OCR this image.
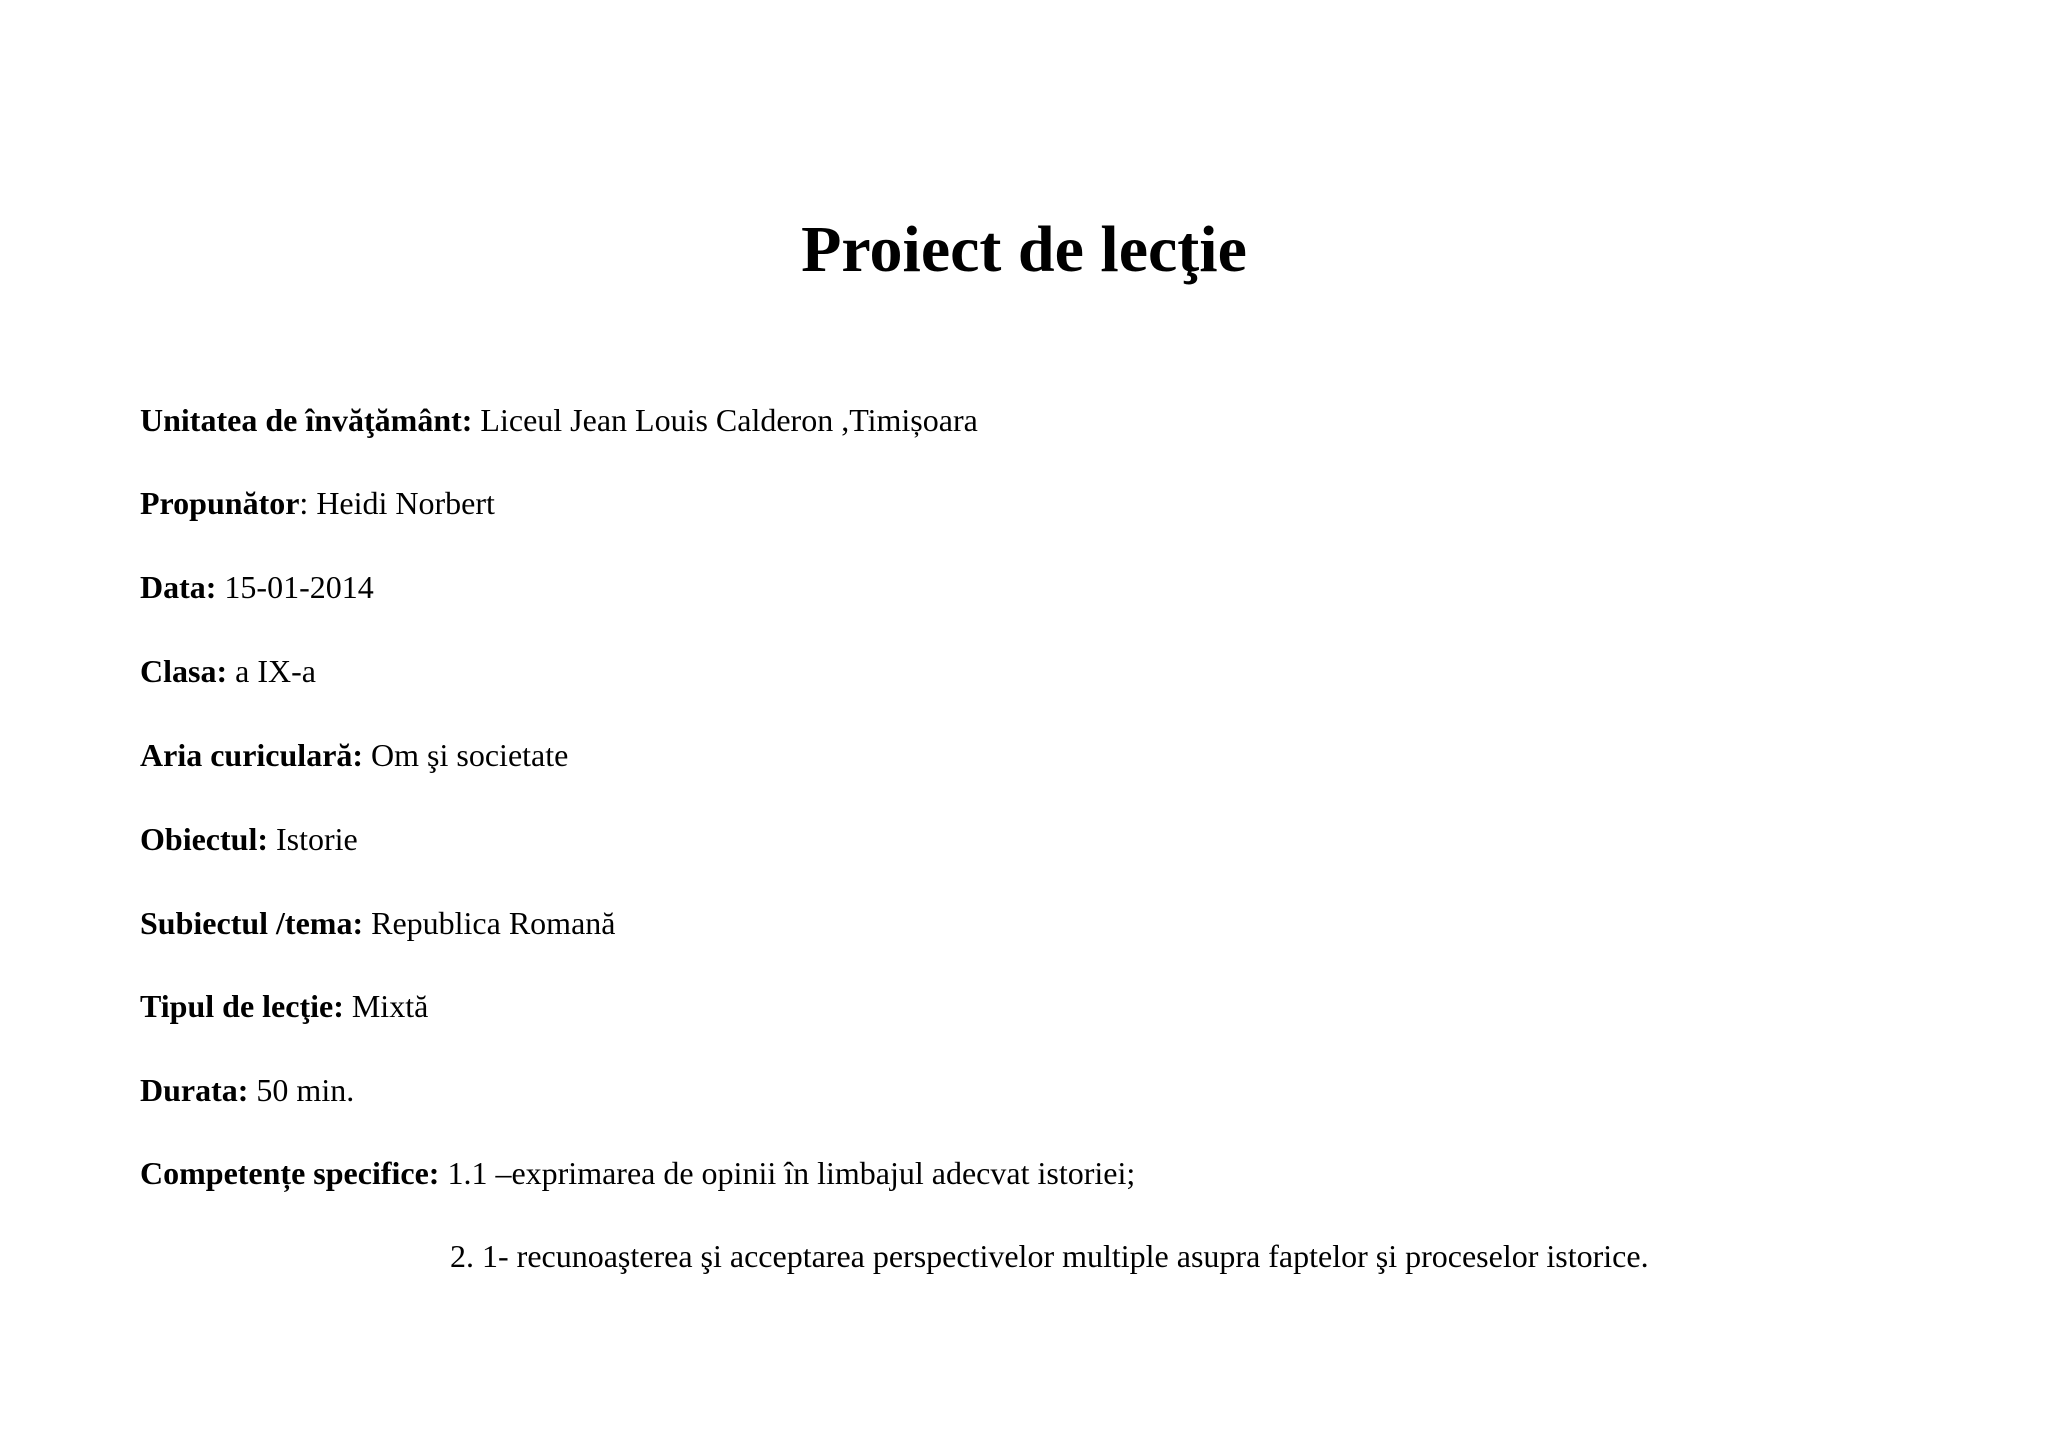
Proiect de lecţie

Unitatea de învăţământ: Liceul Jean Louis Calderon ,Timișoara

Propunător: Heidi Norbert

Data: 15-01-2014

Clasa: a IX-a

Aria curiculară: Om şi societate

Obiectul: Istorie

Subiectul /tema: Republica Romană

Tipul de lecţie: Mixtă

Durata: 50 min.

Competențe specifice: 1.1 –exprimarea de opinii în limbajul adecvat istoriei;

2. 1- recunoaşterea şi acceptarea perspectivelor multiple asupra faptelor şi proceselor istorice.
